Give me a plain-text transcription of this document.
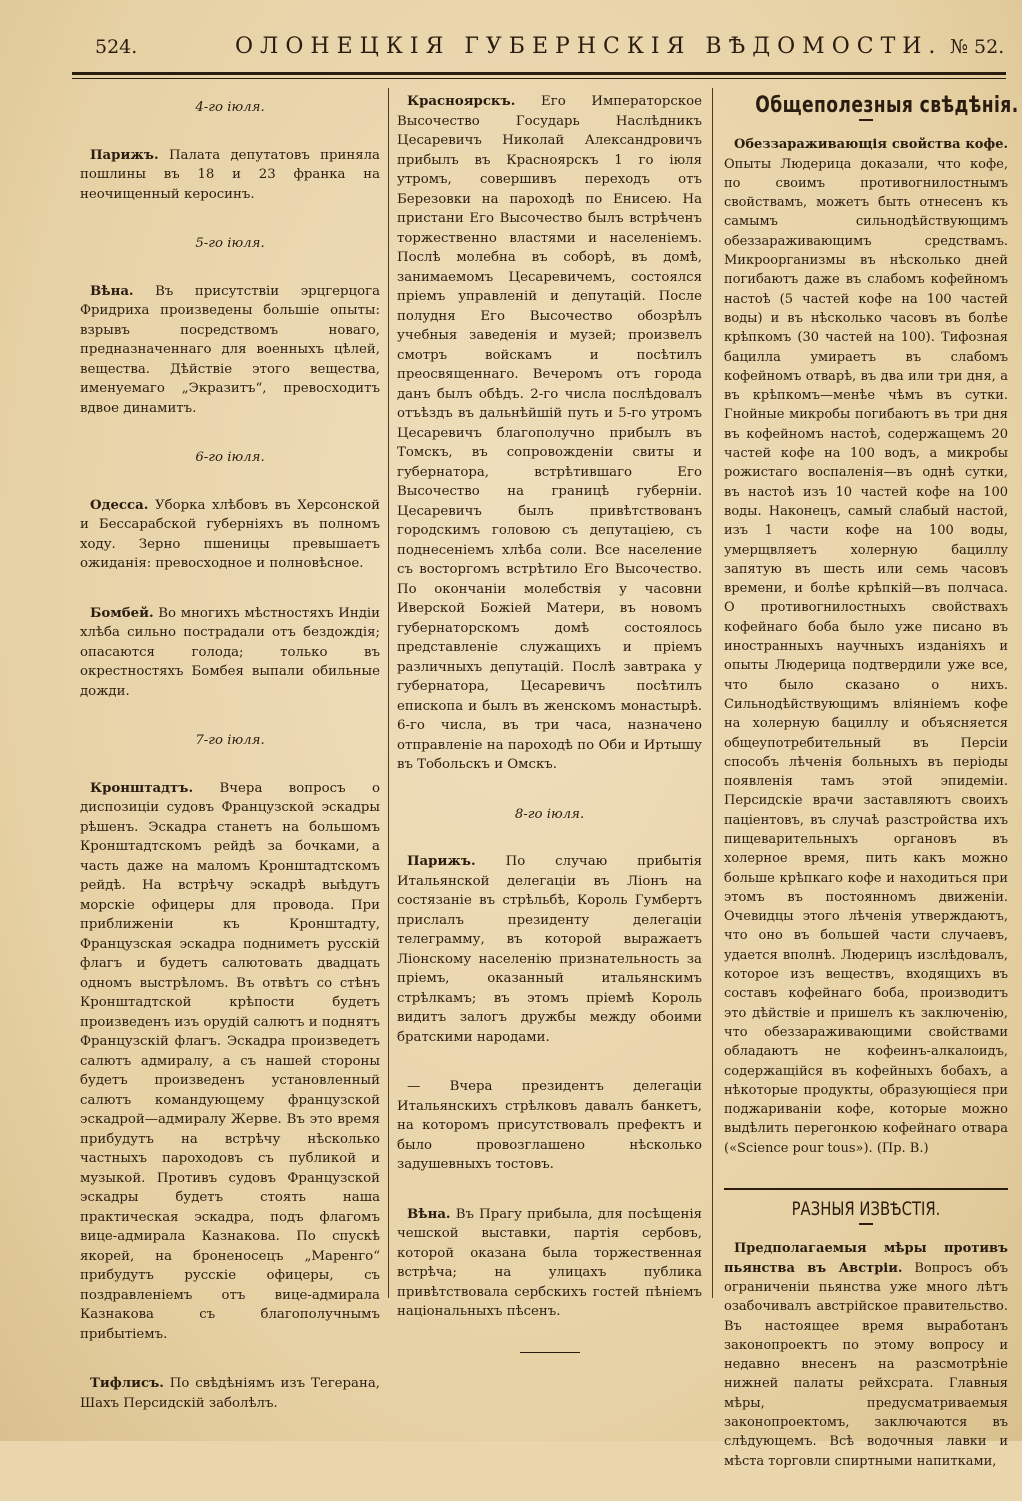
524.	ОЛОНЕЦКІЯ ГУБЕРНСКІЯ ВѢДОМОСТИ. № 52.
4-го іюля.

Парижъ. Палата депутатовъ приняла пошлины въ 18 и 23 франка на неочищенный керосинъ.

5-го іюля.

Вѣна. Въ присутствіи эрцгерцога Фридриха произведены большіе опыты: взрывъ посредствомъ новаго, предназначеннаго для военныхъ цѣлей, вещества. Дѣйствіе этого вещества, именуемаго „Экразитъ“, превосходитъ вдвое динамитъ.

6-го іюля.

Одесса. Уборка хлѣбовъ въ Херсонской и Бессарабской губерніяхъ въ полномъ ходу. Зерно пшеницы превышаетъ ожиданія: превосходное и полновѣсное.

Бомбей. Во многихъ мѣстностяхъ Индіи хлѣба сильно пострадали отъ бездождія; опасаются голода; только въ окрестностяхъ Бомбея выпали обильные дожди.

7-го іюля.

Кронштадтъ. Вчера вопросъ о диспозиціи судовъ Французской эскадры рѣшенъ. Эскадра станетъ на большомъ Кронштадтскомъ рейдѣ за бочками, а часть даже на маломъ Кронштадтскомъ рейдѣ. На встрѣчу эскадрѣ выѣдутъ морскіе офицеры для провода. При приближеніи къ Кронштадту, Французская эскадра подниметъ русскій флагъ и будетъ салютовать двадцать одномъ выстрѣломъ. Въ отвѣтъ со стѣнъ Кронштадтской крѣпости будетъ произведенъ изъ орудій салютъ и поднятъ Французскій флагъ. Эскадра произведетъ салютъ адмиралу, а съ нашей стороны будетъ произведенъ установленный салютъ командующему французской эскадрой—адмиралу Жерве. Въ это время прибудутъ на встрѣчу нѣсколько частныхъ пароходовъ съ публикой и музыкой. Противъ судовъ Французской эскадры будетъ стоять наша практическая эскадра, подъ флагомъ вице-адмирала Казнакова. По спускѣ якорей, на броненосецъ „Маренго“ прибудутъ русскіе офицеры, съ поздравленіемъ отъ вице-адмирала Казнакова съ благополучнымъ прибытіемъ.

Тифлисъ. По свѣдѣніямъ изъ Тегерана, Шахъ Персидскій заболѣлъ.

Красноярскъ. Его Императорское Высочество Государь Наслѣдникъ Цесаревичъ Николай Александровичъ прибылъ въ Красноярскъ 1 го іюля утромъ, совершивъ переходъ отъ Березовки на пароходѣ по Енисею. На пристани Его Высочество былъ встрѣченъ торжественно властями и населеніемъ. Послѣ молебна въ соборѣ, въ домѣ, занимаемомъ Цесаревичемъ, состоялся пріемъ управленій и депутацій. После полудня Его Высочество обозрѣлъ учебныя заведенія и музей; произвелъ смотръ войскамъ и посѣтилъ преосвященнаго. Вечеромъ отъ города данъ былъ обѣдъ. 2-го числа послѣдовалъ отъѣздъ въ дальнѣйшій путь и 5-го утромъ Цесаревичъ благополучно прибылъ въ Томскъ, въ сопровожденіи свиты и губернатора, встрѣтившаго Его Высочество на границѣ губерніи. Цесаревичъ былъ привѣтствованъ городскимъ головою съ депутаціею, съ поднесеніемъ хлѣба соли. Все население съ восторгомъ встрѣтило Его Высочество. По окончаніи молебствія у часовни Иверской Божіей Матери, въ новомъ губернаторскомъ домѣ состоялось представленіе служащихъ и пріемъ различныхъ депутацій. Послѣ завтрака у губернатора, Цесаревичъ посѣтилъ епископа и былъ въ женскомъ монастырѣ. 6-го числа, въ три часа, назначено отправленіе на пароходѣ по Оби и Иртышу въ Тобольскъ и Омскъ.

8-го іюля.

Парижъ. По случаю прибытія Итальянской делегаціи въ Ліонъ на состязаніе въ стрѣльбѣ, Король Гумбертъ прислалъ президенту делегаціи телеграмму, въ которой выражаетъ Ліонскому населенію признательность за пріемъ, оказанный итальянскимъ стрѣлкамъ; въ этомъ пріемѣ Король видитъ залогъ дружбы между обоими братскими народами.

— Вчера президентъ делегаціи Итальянскихъ стрѣлковъ давалъ банкетъ, на которомъ присутствовалъ префектъ и было провозглашено нѣсколько задушевныхъ тостовъ.

Вѣна. Въ Прагу прибыла, для посѣщенія чешской выставки, партія сербовъ, которой оказана была торжественная встрѣча; на улицахъ публика привѣтствовала сербскихъ гостей пѣніемъ національныхъ пѣсенъ.

Общеполезныя свѣдѣнія.

Обеззараживающія свойства кофе. Опыты Людерица доказали, что кофе, по своимъ противогнилостнымъ свойствамъ, можетъ быть отнесенъ къ самымъ сильнодѣйствующимъ обеззараживающимъ средствамъ. Микроорганизмы въ нѣсколько дней погибаютъ даже въ слабомъ кофейномъ настоѣ (5 частей кофе на 100 частей воды) и въ нѣсколько часовъ въ болѣе крѣпкомъ (30 частей на 100). Тифозная бацилла умираетъ въ слабомъ кофейномъ отварѣ, въ два или три дня, а въ крѣпкомъ—менѣе чѣмъ въ сутки. Гнойные микробы погибаютъ въ три дня въ кофейномъ настоѣ, содержащемъ 20 частей кофе на 100 водъ, а микробы рожистаго воспаленія—въ однѣ сутки, въ настоѣ изъ 10 частей кофе на 100 воды. Наконецъ, самый слабый настой, изъ 1 части кофе на 100 воды, умерщвляетъ холерную бациллу запятую въ шесть или семь часовъ времени, и болѣе крѣпкій—въ полчаса. О противогнилостныхъ свойствахъ кофейнаго боба было уже писано въ иностранныхъ научныхъ изданіяхъ и опыты Людерица подтвердили уже все, что было сказано о нихъ. Сильнодѣйствующимъ вліяніемъ кофе на холерную бациллу и объясняется общеупотребительный въ Персіи способъ лѣченія больныхъ въ періоды появленія тамъ этой эпидеміи. Персидскіе врачи заставляютъ своихъ паціентовъ, въ случаѣ разстройства ихъ пищеварительныхъ органовъ въ холерное время, пить какъ можно больше крѣпкаго кофе и находиться при этомъ въ постоянномъ движеніи. Очевидцы этого лѣченія утверждаютъ, что оно въ большей части случаевъ, удается вполнѣ. Людерицъ изслѣдовалъ, которое изъ веществъ, входящихъ въ составъ кофейнаго боба, производитъ это дѣйствіе и пришелъ къ заключенію, что обеззараживающими свойствами обладаютъ не кофеинъ-алкалоидъ, содержащійся въ кофейныхъ бобахъ, а нѣкоторые продукты, образующіеся при поджариваніи кофе, которые можно выдѣлить перегонкою кофейнаго отвара («Science pour tous»). (Пр. В.)

РАЗНЫЯ ИЗВѢСТІЯ.

Предполагаемыя мѣры противъ пьянства въ Австріи. Вопросъ объ ограниченіи пьянства уже много лѣтъ озабочивалъ австрійское правительство. Въ настоящее время выработанъ законопроектъ по этому вопросу и недавно внесенъ на разсмотрѣніе нижней палаты рейхсрата. Главныя мѣры, предусматриваемыя законопроектомъ, заключаются въ слѣдующемъ. Всѣ водочныя лавки и мѣста торговли спиртными напитками,
